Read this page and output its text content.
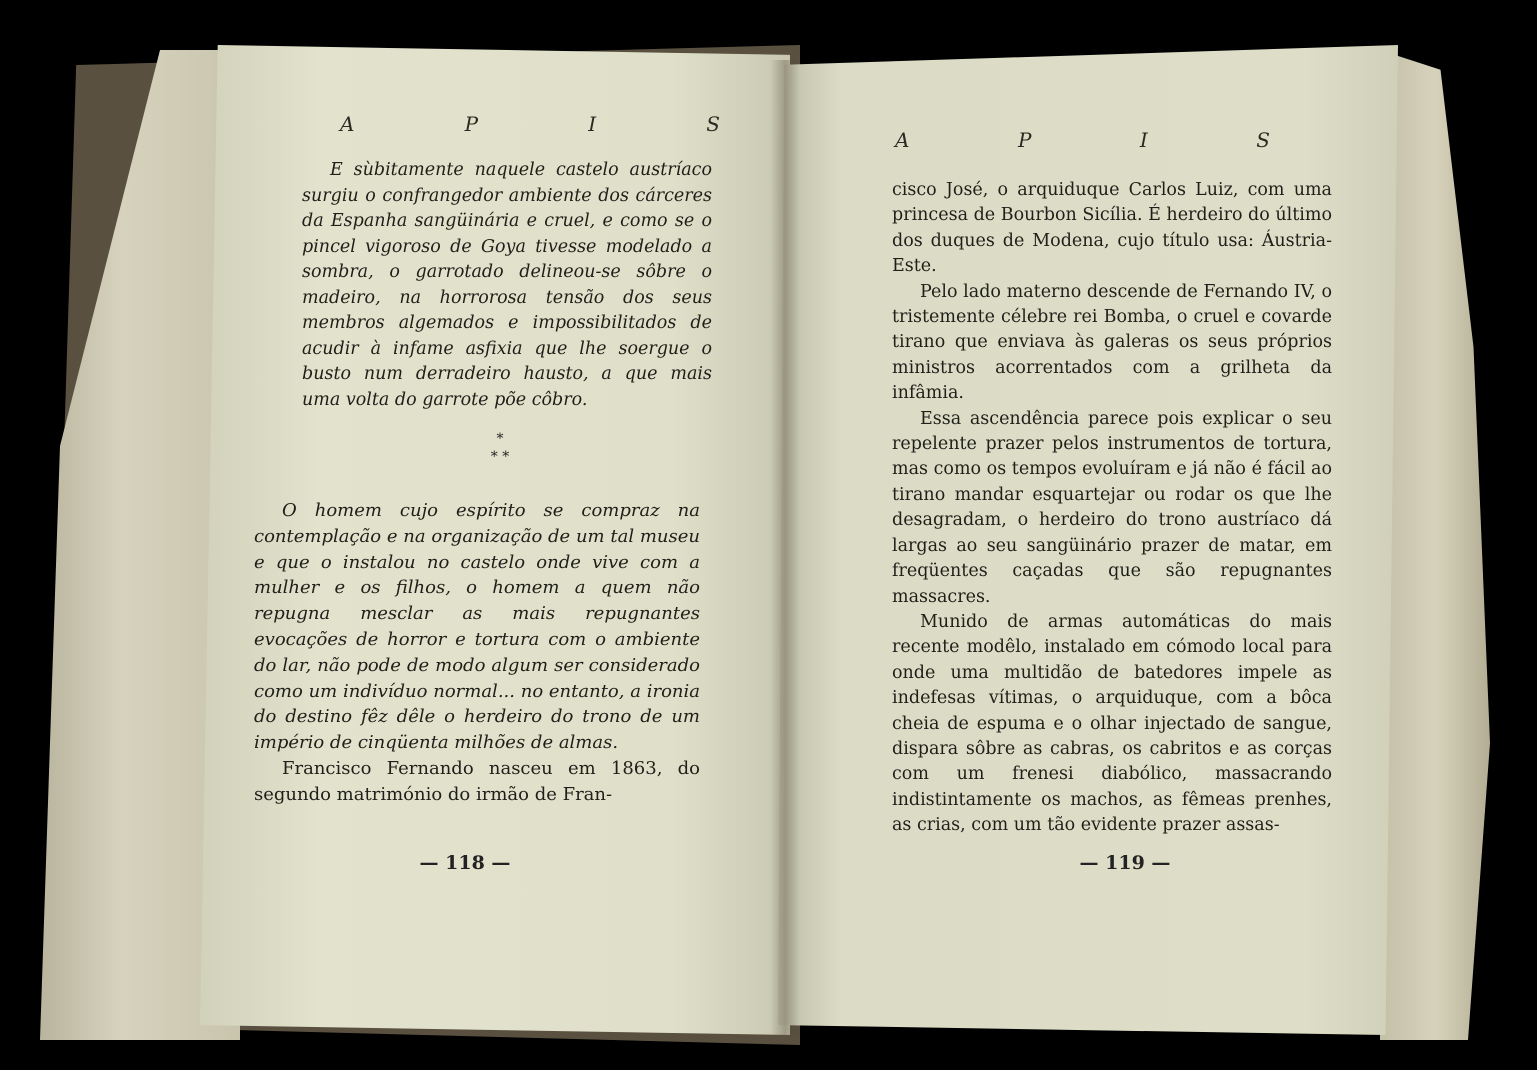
A	P	I	S

E sùbitamente naquele castelo austríaco surgiu o confrangedor ambiente dos cárceres da Espanha sangüinária e cruel, e como se o pincel vigoroso de Goya tivesse modelado a sombra, o garrotado delineou-se sôbre o madeiro, na horrorosa tensão dos seus membros algemados e impossibilitados de acudir à infame asfixia que lhe soergue o busto num derradeiro hausto, a que mais uma volta do garrote põe côbro.

*
* *

O homem cujo espírito se compraz na contemplação e na organização de um tal museu e que o instalou no castelo onde vive com a mulher e os filhos, o homem a quem não repugna mesclar as mais repugnantes evocações de horror e tortura com o ambiente do lar, não pode de modo algum ser considerado como um indivíduo normal... no entanto, a ironia do destino fêz dêle o herdeiro do trono de um império de cinqüenta milhões de almas.

Francisco Fernando nasceu em 1863, do segundo matrimónio do irmão de Fran-

— 118 —
A	P	I	S

cisco José, o arquiduque Carlos Luiz, com uma princesa de Bourbon Sicília. É herdeiro do último dos duques de Modena, cujo título usa: Áustria-Este.

Pelo lado materno descende de Fernando IV, o tristemente célebre rei Bomba, o cruel e covarde tirano que enviava às galeras os seus próprios ministros acorrentados com a grilheta da infâmia.

Essa ascendência parece pois explicar o seu repelente prazer pelos instrumentos de tortura, mas como os tempos evoluíram e já não é fácil ao tirano mandar esquartejar ou rodar os que lhe desagradam, o herdeiro do trono austríaco dá largas ao seu sangüinário prazer de matar, em freqüentes caçadas que são repugnantes massacres.

Munido de armas automáticas do mais recente modêlo, instalado em cómodo local para onde uma multidão de batedores impele as indefesas vítimas, o arquiduque, com a bôca cheia de espuma e o olhar injectado de sangue, dispara sôbre as cabras, os cabritos e as corças com um frenesi diabólico, massacrando indistintamente os machos, as fêmeas prenhes, as crias, com um tão evidente prazer assas-

— 119 —
